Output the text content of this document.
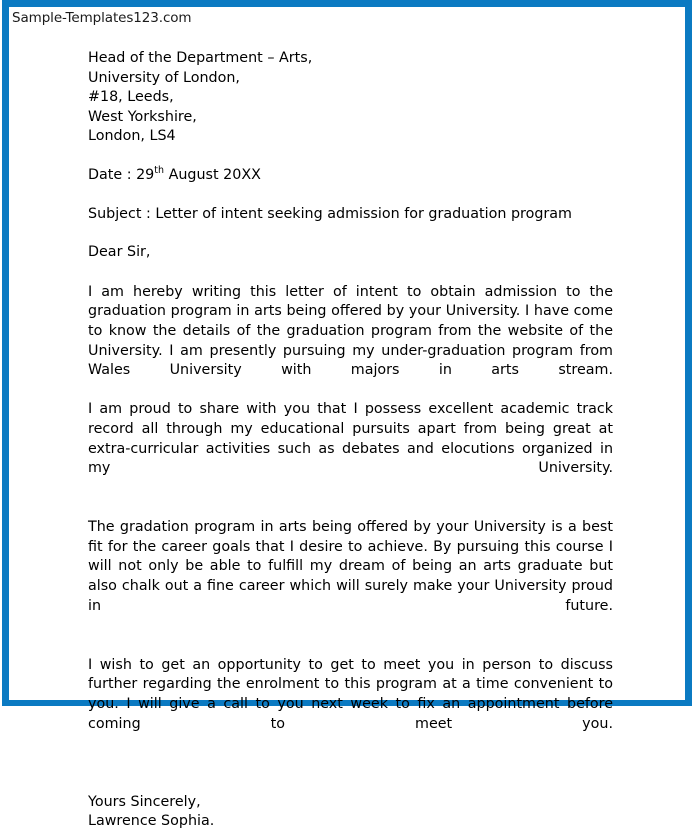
Sample-Templates123.com
Head of the Department – Arts,
University of London,
#18, Leeds,
West Yorkshire,
London, LS4
Date : 29th August 20XX
Subject : Letter of intent seeking admission for graduation program
Dear Sir,

I am hereby writing this letter of intent to obtain admission to the graduation program in arts being offered by your University. I have come to know the details of the graduation program from the website of the University. I am presently pursuing my under-graduation program from Wales University with majors in arts stream.

I am proud to share with you that I possess excellent academic track record all through my educational pursuits apart from being great at extra-curricular activities such as debates and elocutions organized in my University.

The gradation program in arts being offered by your University is a best fit for the career goals that I desire to achieve. By pursuing this course I will not only be able to fulfill my dream of being an arts graduate but also chalk out a fine career which will surely make your University proud in future.

I wish to get an opportunity to get to meet you in person to discuss further regarding the enrolment to this program at a time convenient to you. I will give a call to you next week to fix an appointment before coming to meet you.

Yours Sincerely,
Lawrence Sophia.
